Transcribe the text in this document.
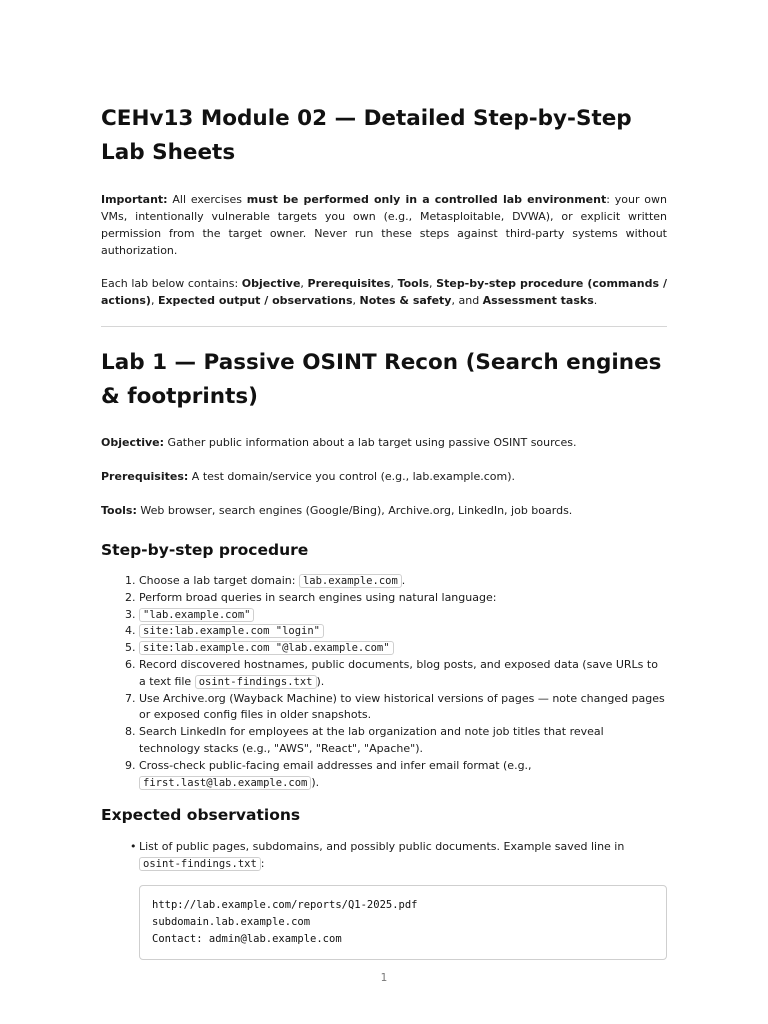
CEHv13 Module 02 — Detailed Step-by-Step Lab Sheets

Important: All exercises must be performed only in a controlled lab environment: your own VMs, intentionally vulnerable targets you own (e.g., Metasploitable, DVWA), or explicit written permission from the target owner. Never run these steps against third-party systems without authorization.

Each lab below contains: Objective, Prerequisites, Tools, Step-by-step procedure (commands / actions), Expected output / observations, Notes & safety, and Assessment tasks.

Lab 1 — Passive OSINT Recon (Search engines & footprints)

Objective: Gather public information about a lab target using passive OSINT sources.

Prerequisites: A test domain/service you control (e.g., lab.example.com).

Tools: Web browser, search engines (Google/Bing), Archive.org, LinkedIn, job boards.

Step-by-step procedure
1. Choose a lab target domain: lab.example.com .
2. Perform broad queries in search engines using natural language:
3. "lab.example.com"
4. site:lab.example.com "login"
5. site:lab.example.com "@lab.example.com"
6. Record discovered hostnames, public documents, blog posts, and exposed data (save URLs to a text file osint-findings.txt ).
7. Use Archive.org (Wayback Machine) to view historical versions of pages — note changed pages or exposed config files in older snapshots.
8. Search LinkedIn for employees at the lab organization and note job titles that reveal technology stacks (e.g., "AWS", "React", "Apache").
9. Cross-check public-facing email addresses and infer email format (e.g., first.last@lab.example.com ).
Expected observations
• List of public pages, subdomains, and possibly public documents. Example saved line in osint-findings.txt :
http://lab.example.com/reports/Q1-2025.pdf
subdomain.lab.example.com
Contact: admin@lab.example.com
1
